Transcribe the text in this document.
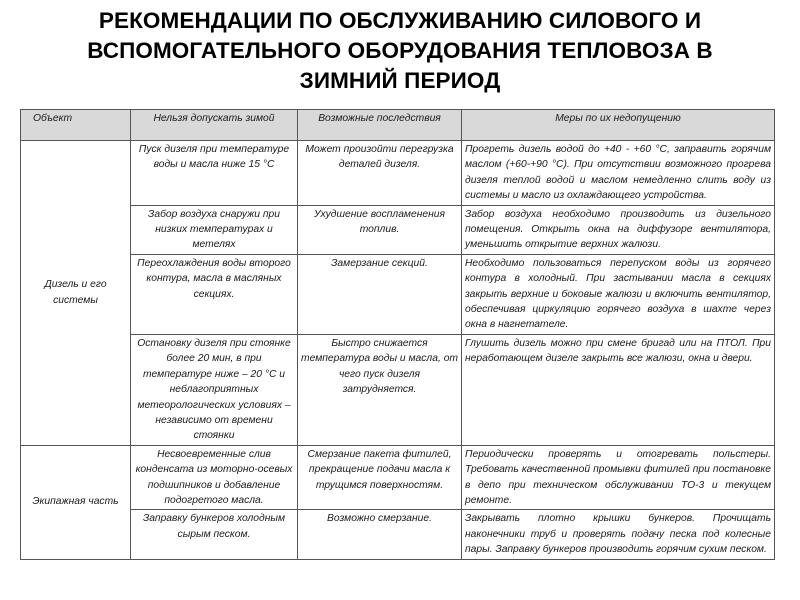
РЕКОМЕНДАЦИИ ПО ОБСЛУЖИВАНИЮ СИЛОВОГО И
ВСПОМОГАТЕЛЬНОГО ОБОРУДОВАНИЯ ТЕПЛОВОЗА В
ЗИМНИЙ ПЕРИОД
Объект	Нельзя допускать зимой	Возможные последствия	Меры по их недопущению
Дизель и его системы	Пуск дизеля при температуре воды и масла ниже 15 °С	Может произойти перегрузка деталей дизеля.	Прогреть дизель водой до +40 - +60 °С, заправить горячим маслом (+60-+90 °С). При отсутствии возможного прогрева дизеля теплой водой и маслом немедленно слить воду из системы и масло из охлаждающего устройства.
	Забор воздуха снаружи при низких температурах и метелях	Ухудшение воспламенения топлив.	Забор воздуха необходимо производить из дизельного помещения. Открыть окна на диффузоре вентилятора, уменьшить открытие верхних жалюзи.
	Переохлаждения воды второго контура, масла в масляных секциях.	Замерзание секций.	Необходимо пользоваться перепуском воды из горячего контура в холодный. При застывании масла в секциях закрыть верхние и боковые жалюзи и включить вентилятор, обеспечивая циркуляцию горячего воздуха в шахте через окна в нагнетателе.
	Остановку дизеля при стоянке более 20 мин, в при температуре ниже – 20 °С и неблагоприятных метеорологических условиях – независимо от времени стоянки	Быстро снижается температура воды и масла, от чего пуск дизеля затрудняется.	Глушить дизель можно при смене бригад или на ПТОЛ. При неработающем дизеле закрыть все жалюзи, окна и двери.
Экипажная часть	Несвоевременные слив конденсата из моторно-осевых подшипников и добавление подогретого масла.	Смерзание пакета фитилей, прекращение подачи масла к трущимся поверхностям.	Периодически проверять и отогревать польстеры. Требовать качественной промывки фитилей при постановке в депо при техническом обслуживании ТО-3 и текущем ремонте.
	Заправку бункеров холодным сырым песком.	Возможно смерзание.	Закрывать плотно крышки бункеров. Прочищать наконечники труб и проверять подачу песка под колесные пары. Заправку бункеров производить горячим сухим песком.
